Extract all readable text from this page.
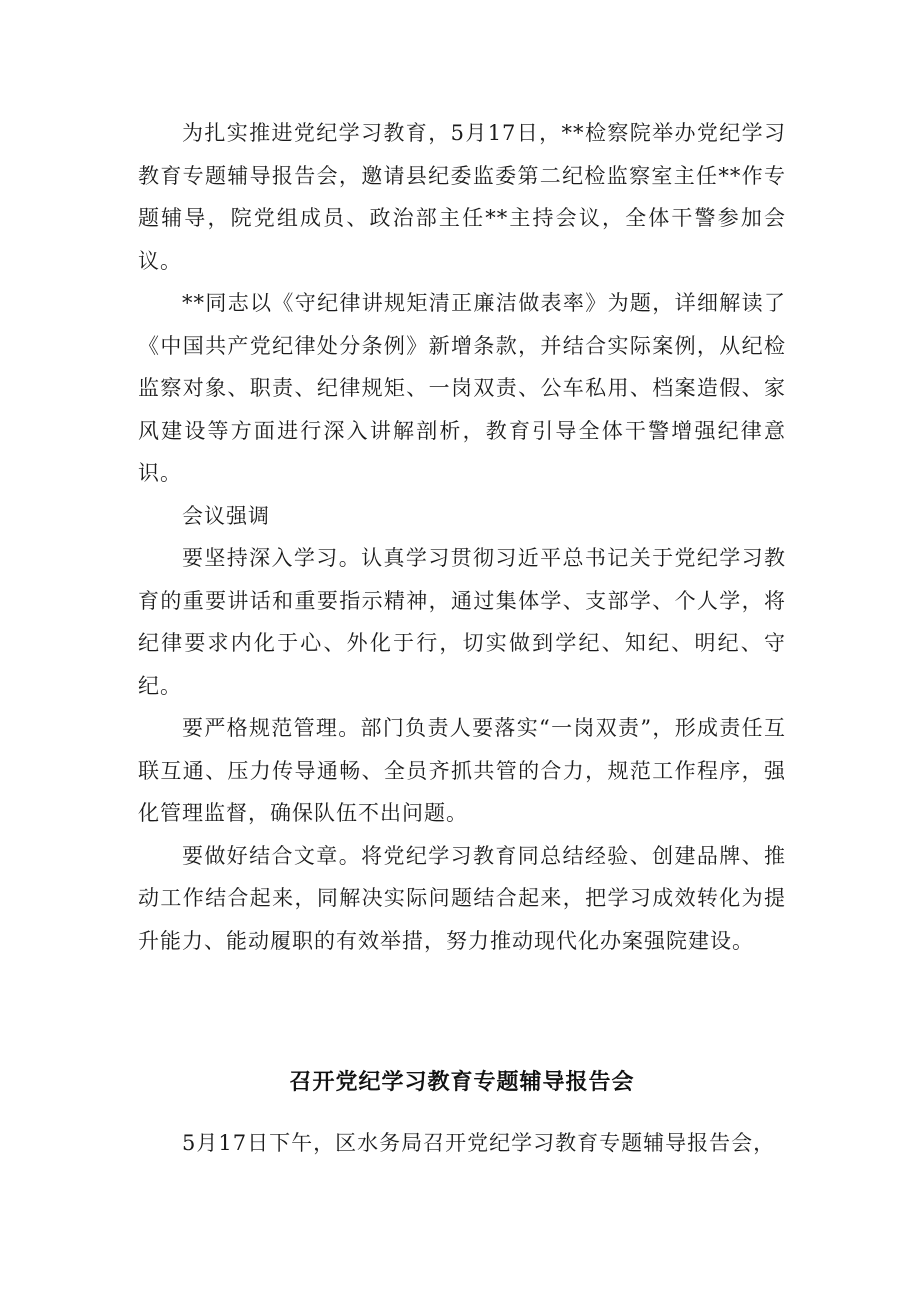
为扎实推进党纪学习教育，5月17日，**检察院举办党纪学习教育专题辅导报告会，邀请县纪委监委第二纪检监察室主任**作专题辅导，院党组成员、政治部主任**主持会议，全体干警参加会议。

**同志以《守纪律讲规矩清正廉洁做表率》为题，详细解读了《中国共产党纪律处分条例》新增条款，并结合实际案例，从纪检监察对象、职责、纪律规矩、一岗双责、公车私用、档案造假、家风建设等方面进行深入讲解剖析，教育引导全体干警增强纪律意识。

会议强调

要坚持深入学习。认真学习贯彻习近平总书记关于党纪学习教育的重要讲话和重要指示精神，通过集体学、支部学、个人学，将纪律要求内化于心、外化于行，切实做到学纪、知纪、明纪、守纪。

要严格规范管理。部门负责人要落实“一岗双责”，形成责任互联互通、压力传导通畅、全员齐抓共管的合力，规范工作程序，强化管理监督，确保队伍不出问题。

要做好结合文章。将党纪学习教育同总结经验、创建品牌、推动工作结合起来，同解决实际问题结合起来，把学习成效转化为提升能力、能动履职的有效举措，努力推动现代化办案强院建设。

召开党纪学习教育专题辅导报告会

5月17日下午，区水务局召开党纪学习教育专题辅导报告会，
